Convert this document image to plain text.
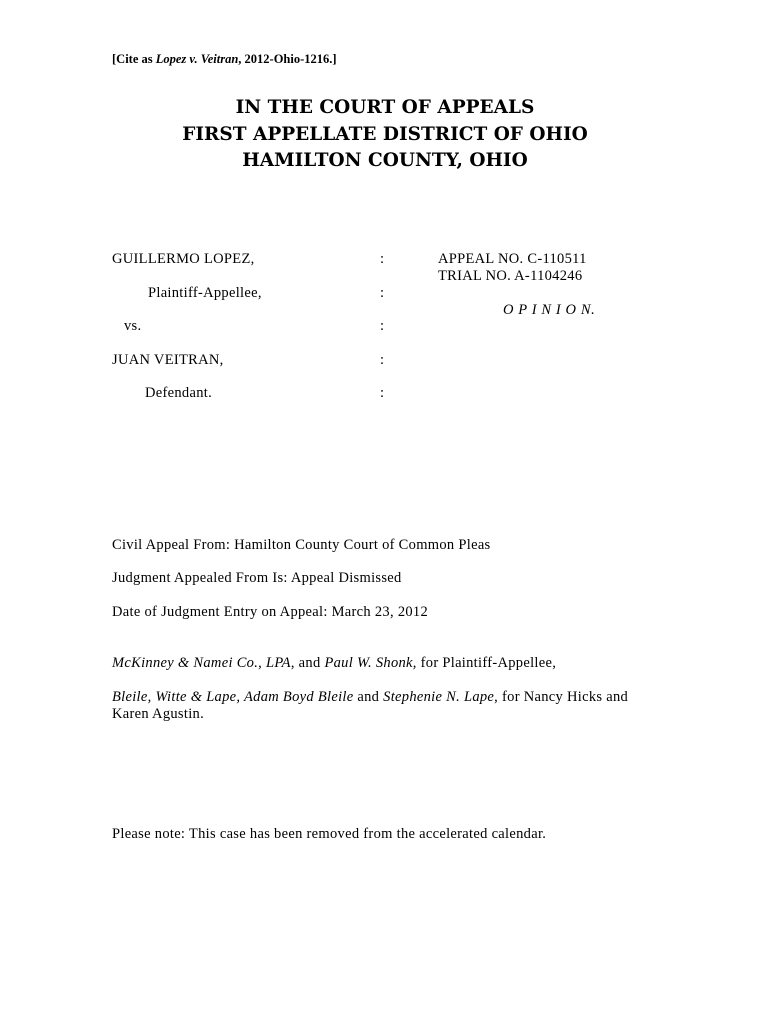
[Cite as Lopez v. Veitran, 2012-Ohio-1216.]
IN THE COURT OF APPEALS
FIRST APPELLATE DISTRICT OF OHIO
HAMILTON COUNTY, OHIO
GUILLERMO LOPEZ,
Plaintiff-Appellee,
vs.
JUAN VEITRAN,
Defendant.
:
:
:
:
:
APPEAL NO. C-110511
TRIAL NO. A-1104246
O P I N I O N.
Civil Appeal From: Hamilton County Court of Common Pleas
Judgment Appealed From Is: Appeal Dismissed
Date of Judgment Entry on Appeal: March 23, 2012
McKinney & Namei Co., LPA, and Paul W. Shonk, for Plaintiff-Appellee,
Bleile, Witte & Lape, Adam Boyd Bleile and Stephenie N. Lape, for Nancy Hicks and Karen Agustin.
Please note: This case has been removed from the accelerated calendar.
